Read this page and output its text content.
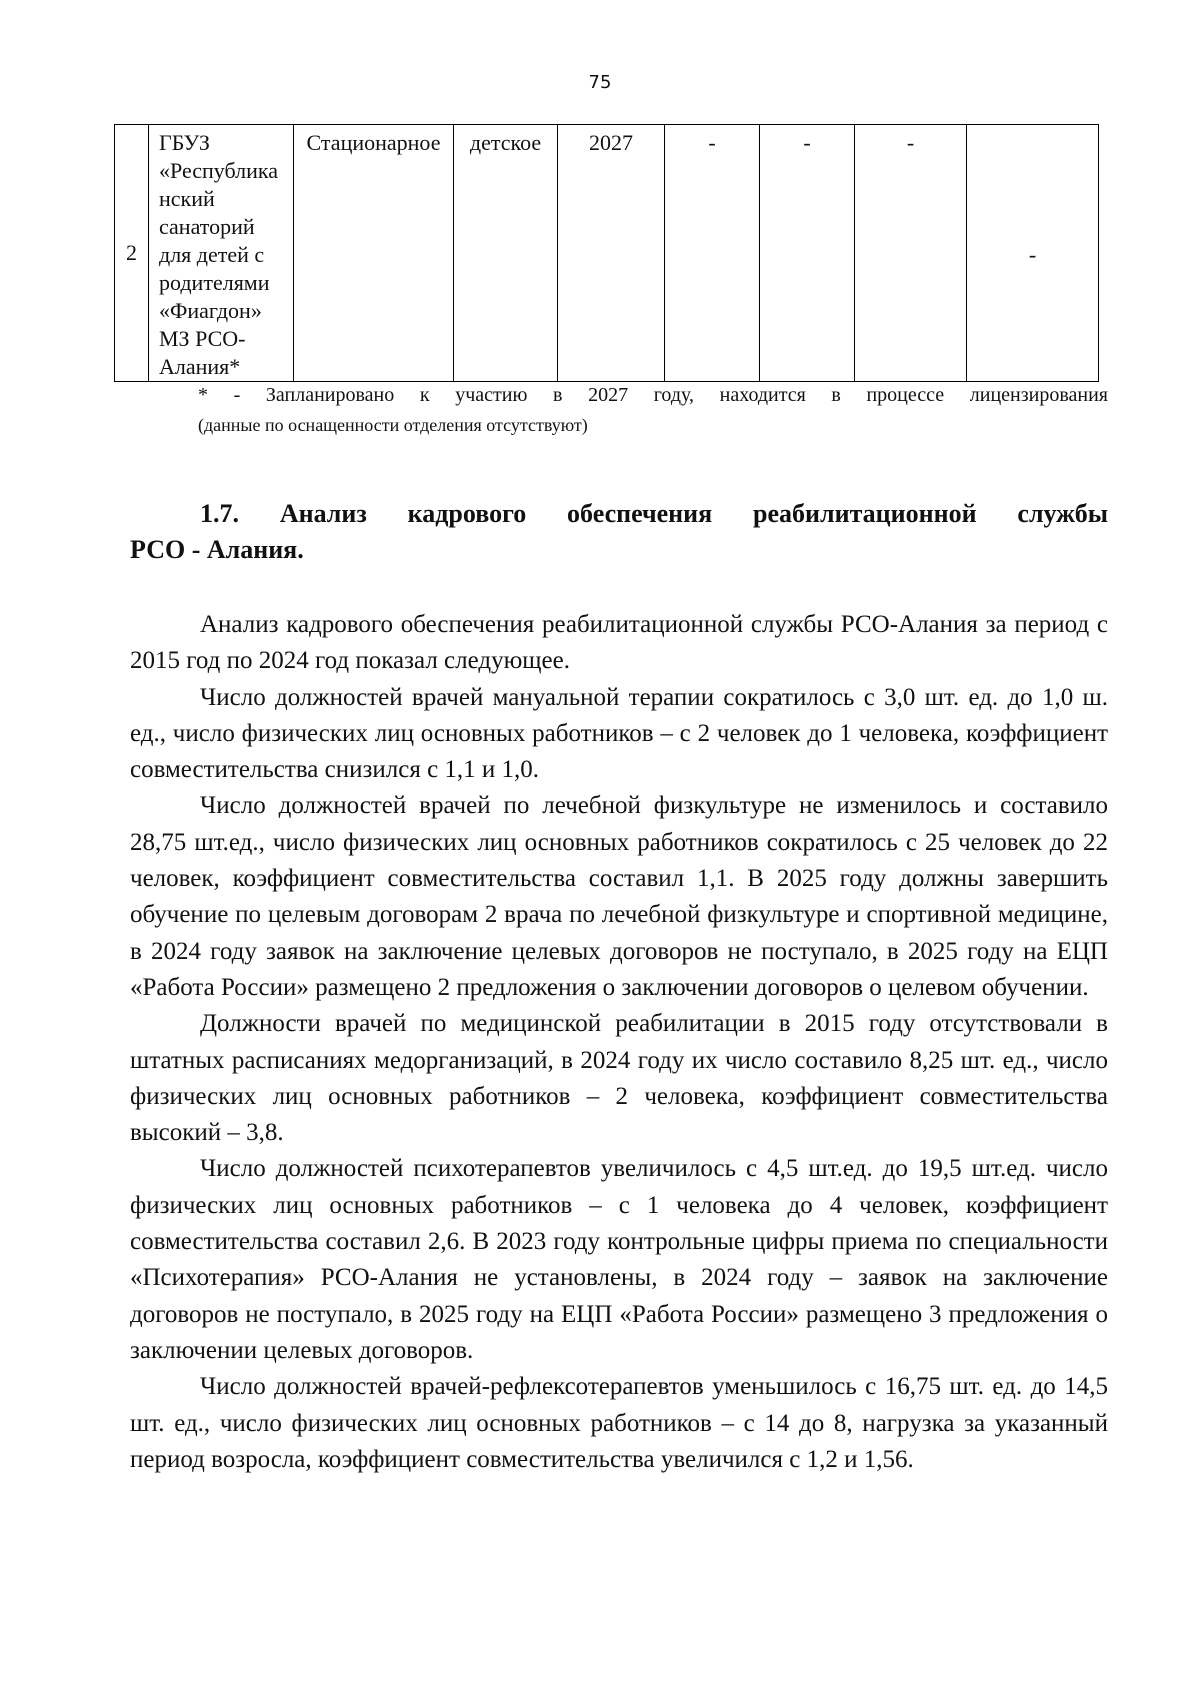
75
2	ГБУЗ «Республика нский санаторий для детей с родителями «Фиагдон» МЗ РСО-Алания*	Стационарное	детское	2027	-	-	-	-
* - Запланировано к участию в 2027 году, находится в процессе лицензирования
(данные по оснащенности отделения отсутствуют)
1.7. Анализ кадрового обеспечения реабилитационной службы
РСО - Алания.

Анализ кадрового обеспечения реабилитационной службы РСО-Алания за период с 2015 год по 2024 год показал следующее.

Число должностей врачей мануальной терапии сократилось с 3,0 шт. ед. до 1,0 ш. ед., число физических лиц основных работников – с 2 человек до 1 человека, коэффициент совместительства снизился с 1,1 и 1,0.

Число должностей врачей по лечебной физкультуре не изменилось и составило 28,75 шт.ед., число физических лиц основных работников сократилось с 25 человек до 22 человек, коэффициент совместительства составил 1,1. В 2025 году должны завершить обучение по целевым договорам 2 врача по лечебной физкультуре и спортивной медицине, в 2024 году заявок на заключение целевых договоров не поступало, в 2025 году на ЕЦП «Работа России» размещено 2 предложения о заключении договоров о целевом обучении.

Должности врачей по медицинской реабилитации в 2015 году отсутствовали в штатных расписаниях медорганизаций, в 2024 году их число составило 8,25 шт. ед., число физических лиц основных работников – 2 человека, коэффициент совместительства высокий – 3,8.

Число должностей психотерапевтов увеличилось с 4,5 шт.ед. до 19,5 шт.ед. число физических лиц основных работников – с 1 человека до 4 человек, коэффициент совместительства составил 2,6. В 2023 году контрольные цифры приема по специальности «Психотерапия» РСО-Алания не установлены, в 2024 году – заявок на заключение договоров не поступало, в 2025 году на ЕЦП «Работа России» размещено 3 предложения о заключении целевых договоров.

Число должностей врачей-рефлексотерапевтов уменьшилось с 16,75 шт. ед. до 14,5 шт. ед., число физических лиц основных работников – с 14 до 8, нагрузка за указанный период возросла, коэффициент совместительства увеличился с 1,2 и 1,56.
